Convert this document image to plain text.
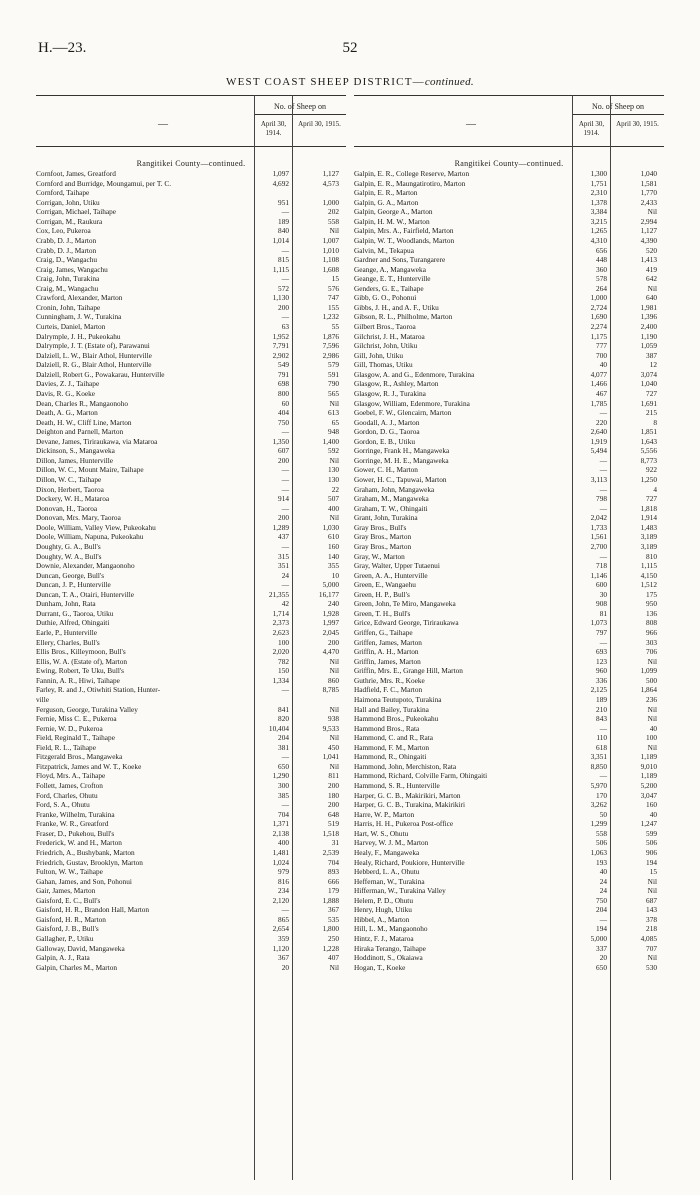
H.—23.	52
WEST COAST SHEEP DISTRICT—continued.
—
No. of Sheep on
April 30, 1914.
April 30, 1915.
Rangitikei County—continued.
Cornfoot, James, Greatford	1,097	1,127
Cornford and Burridge, Moungamui, per T. C.	4,692	4,573
Cornford, Taihape
Corrigan, John, Utiku	951	1,000
Corrigan, Michael, Taihape	—	202
Corrigan, M., Raukura	189	558
Cox, Leo, Pukeroa	840	Nil
Crabb, D. J., Marton	1,014	1,007
Crabb, D. J., Marton	—	1,010
Craig, D., Wangachu	815	1,108
Craig, James, Wangachu	1,115	1,608
Craig, John, Turakina	—	15
Craig, M., Wangachu	572	576
Crawford, Alexander, Marton	1,130	747
Cronin, John, Taihape	200	155
Cunningham, J. W., Turakina	—	1,232
Curteis, Daniel, Marton	63	55
Dalrymple, J. H., Pukeokahu	1,952	1,876
Dalrymple, J. T. (Estate of), Parawanui	7,791	7,596
Dalziell, L. W., Blair Athol, Hunterville	2,902	2,986
Dalziell, R. G., Blair Athol, Hunterville	549	579
Dalziell, Robert G., Powakarau, Hunterville	791	591
Davies, Z. J., Taihape	698	790
Davis, R. G., Koeke	800	565
Dean, Charles R., Mangaonoho	60	Nil
Death, A. G., Marton	404	613
Death, H. W., Cliff Line, Marton	750	65
Deighton and Parnell, Marton	—	948
Devane, James, Tiriraukawa, via Mataroa	1,350	1,400
Dickinson, S., Mangaweka	607	592
Dillon, James, Hunterville	200	Nil
Dillon, W. C., Mount Maire, Taihape	—	130
Dillon, W. C., Taihape	—	130
Dixon, Herbert, Taoroa	—	22
Dockery, W. H., Mataroa	914	507
Donovan, H., Taoroa	—	400
Donovan, Mrs. Mary, Taoroa	200	Nil
Doole, William, Valley View, Pukeokahu	1,289	1,030
Doole, William, Napuna, Pukeokahu	437	610
Doughty, G. A., Bull's	—	160
Doughty, W. A., Bull's	315	140
Downie, Alexander, Mangaonoho	351	355
Duncan, George, Bull's	24	10
Duncan, J. P., Hunterville	—	5,000
Duncan, T. A., Otairi, Hunterville	21,355	16,177
Dunham, John, Rata	42	240
Durrant, G., Taoroa, Utiku	1,714	1,928
Duthie, Alfred, Ohingaiti	2,373	1,997
Earle, P., Hunterville	2,623	2,045
Ellery, Charles, Bull's	100	200
Ellis Bros., Killeymoon, Bull's	2,020	4,470
Ellis, W. A. (Estate of), Marton	782	Nil
Ewing, Robert, Te Uku, Bull's	150	Nil
Fannin, A. R., Hiwi, Taihape	1,334	860
Farley, R. and J., Otiwhiti Station, Hunter-	—	8,785
ville
Ferguson, George, Turakina Valley	841	Nil
Fernie, Miss C. E., Pukeroa	820	938
Fernie, W. D., Pukeroa	10,404	9,533
Field, Reginald T., Taihape	204	Nil
Field, R. L., Taihape	381	450
Fitzgerald Bros., Mangaweka	—	1,041
Fitzpatrick, James and W. T., Koeke	650	Nil
Floyd, Mrs. A., Taihape	1,290	811
Follett, James, Crofton	300	200
Ford, Charles, Ohutu	385	180
Ford, S. A., Ohutu	—	200
Franke, Wilhelm, Turakina	704	648
Franke, W. R., Greatford	1,371	519
Fraser, D., Pukehou, Bull's	2,138	1,518
Frederick, W. and H., Marton	400	31
Friedrich, A., Bushybank, Marton	1,481	2,539
Friedrich, Gustav, Brooklyn, Marton	1,024	704
Fulton, W. W., Taihape	979	893
Gahan, James, and Son, Pohonui	816	666
Gair, James, Marton	234	179
Gaisford, E. C., Bull's	2,120	1,888
Gaisford, H. R., Brandon Hall, Marton	—	367
Gaisford, H. R., Marton	865	535
Gaisford, J. B., Bull's	2,654	1,800
Gallagher, P., Utiku	359	250
Galloway, David, Mangaweka	1,120	1,228
Galpin, A. J., Rata	367	407
Galpin, Charles M., Marton	20	Nil
—
No. of Sheep on
April 30, 1914.
April 30, 1915.
Rangitikei County—continued.
Galpin, E. R., College Reserve, Marton	1,300	1,040
Galpin, E. R., Maungatirotiro, Marton	1,751	1,581
Galpin, E. R., Marton	2,310	1,770
Galpin, G. A., Marton	1,378	2,433
Galpin, George A., Marton	3,384	Nil
Galpin, H. M. W., Marton	3,215	2,994
Galpin, Mrs. A., Fairfield, Marton	1,265	1,127
Galpin, W. T., Woodlands, Marton	4,310	4,390
Galvin, M., Tekapua	656	520
Gardner and Sons, Turangarere	448	1,413
Geange, A., Mangaweka	360	419
Geange, E. T., Hunterville	578	642
Genders, G. E., Taihape	264	Nil
Gibb, G. O., Pohonui	1,000	640
Gibbs, J. H., and A. F., Utiku	2,724	1,981
Gibson, R. L., Philholme, Marton	1,690	1,396
Gilbert Bros., Taoroa	2,274	2,400
Gilchrist, J. H., Mataroa	1,175	1,190
Gilchrist, John, Utiku	777	1,059
Gill, John, Utiku	700	387
Gill, Thomas, Utiku	40	12
Glasgow, A. and G., Edenmore, Turakina	4,077	3,074
Glasgow, R., Ashley, Marton	1,466	1,040
Glasgow, R. J., Turakina	467	727
Glasgow, William, Edenmore, Turakina	1,785	1,691
Goebel, F. W., Glencairn, Marton	—	215
Goodall, A. J., Marton	220	8
Gordon, D. G., Taoroa	2,640	1,851
Gordon, E. B., Utiku	1,919	1,643
Gorringe, Frank H., Mangaweka	5,494	5,556
Gorringe, M. H. E., Mangaweka	—	8,773
Gower, C. H., Marton	—	922
Gower, H. C., Tapuwai, Marton	3,113	1,250
Graham, John, Mangaweka	—	4
Graham, M., Mangaweka	798	727
Graham, T. W., Ohingaiti	—	1,818
Grant, John, Turakina	2,042	1,914
Gray Bros., Bull's	1,733	1,483
Gray Bros., Marton	1,561	3,189
Gray Bros., Marton	2,700	3,189
Gray, W., Marton	—	810
Gray, Walter, Upper Tutaenui	718	1,115
Green, A. A., Hunterville	1,146	4,150
Green, E., Wangaehu	600	1,512
Green, H. P., Bull's	30	175
Green, John, Te Miro, Mangaweka	908	950
Green, T. H., Bull's	81	136
Grice, Edward George, Tiriraukawa	1,073	808
Griffen, G., Taihape	797	966
Griffen, James, Marton	—	303
Griffin, A. H., Marton	693	706
Griffin, James, Marton	123	Nil
Griffin, Mrs. E., Grange Hill, Marton	960	1,099
Guthrie, Mrs. R., Koeke	336	500
Hadfield, F. C., Marton	2,125	1,864
Haimona Teutupoto, Turakina	189	236
Hall and Bailey, Turakina	210	Nil
Hammond Bros., Pukeokahu	843	Nil
Hammond Bros., Rata	—	40
Hammond, C. and R., Rata	110	100
Hammond, F. M., Marton	618	Nil
Hammond, R., Ohingaiti	3,351	1,189
Hammond, John, Merchiston, Rata	8,850	9,010
Hammond, Richard, Colville Farm, Ohingaiti	—	1,189
Hammond, S. R., Hunterville	5,970	5,200
Harper, G. C. B., Makirikiri, Marton	170	3,047
Harper, G. C. B., Turakina, Makirikiri	3,262	160
Harre, W. P., Marton	50	40
Harris, H. H., Pukeroa Post-office	1,299	1,247
Hart, W. S., Ohutu	558	599
Harvey, W. J. M., Marton	506	506
Healy, F., Mangaweka	1,063	906
Healy, Richard, Poukiore, Hunterville	193	194
Hebberd, L. A., Ohutu	40	15
Heffernan, W., Turakina	24	Nil
Hifferman, W., Turakina Valley	24	Nil
Helem, P. D., Ohutu	750	687
Henry, Hugh, Utiku	204	143
Hibbel, A., Marton	—	378
Hill, L. M., Mangaonoho	194	218
Hintz, F. J., Mataroa	5,000	4,085
Hiraka Terango, Taihape	337	707
Hoddinott, S., Okaiawa	20	Nil
Hogan, T., Koeke	650	530
